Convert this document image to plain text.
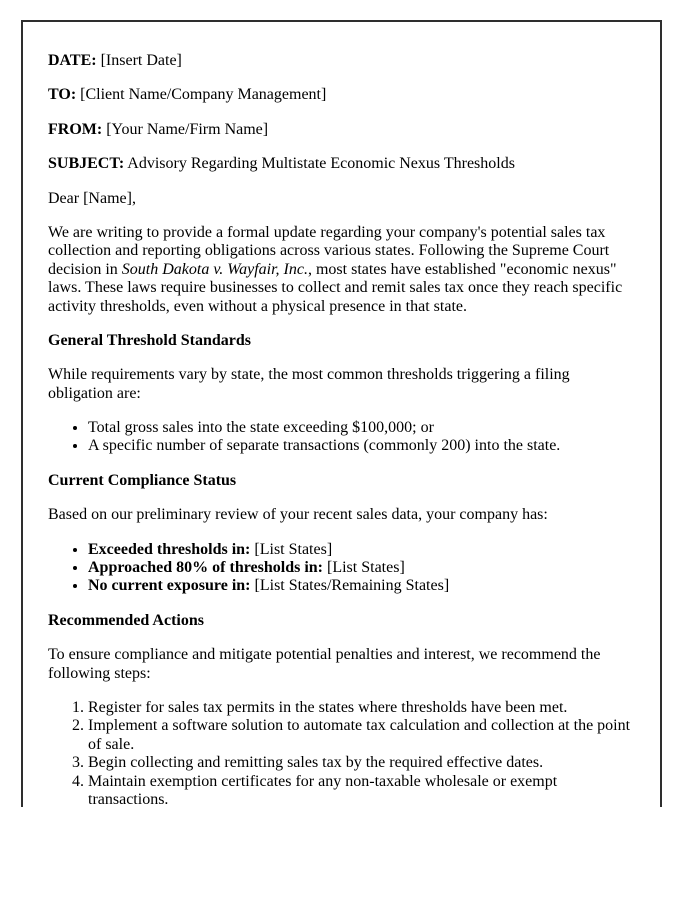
DATE: [Insert Date]

TO: [Client Name/Company Management]

FROM: [Your Name/Firm Name]

SUBJECT: Advisory Regarding Multistate Economic Nexus Thresholds

Dear [Name],

We are writing to provide a formal update regarding your company's potential sales tax collection and reporting obligations across various states. Following the Supreme Court decision in South Dakota v. Wayfair, Inc., most states have established "economic nexus" laws. These laws require businesses to collect and remit sales tax once they reach specific activity thresholds, even without a physical presence in that state.

General Threshold Standards

While requirements vary by state, the most common thresholds triggering a filing obligation are:

• Total gross sales into the state exceeding $100,000; or
• A specific number of separate transactions (commonly 200) into the state.

Current Compliance Status

Based on our preliminary review of your recent sales data, your company has:

• Exceeded thresholds in: [List States]
• Approached 80% of thresholds in: [List States]
• No current exposure in: [List States/Remaining States]

Recommended Actions

To ensure compliance and mitigate potential penalties and interest, we recommend the following steps:

1. Register for sales tax permits in the states where thresholds have been met.
2. Implement a software solution to automate tax calculation and collection at the point of sale.
3. Begin collecting and remitting sales tax by the required effective dates.
4. Maintain exemption certificates for any non-taxable wholesale or exempt transactions.
